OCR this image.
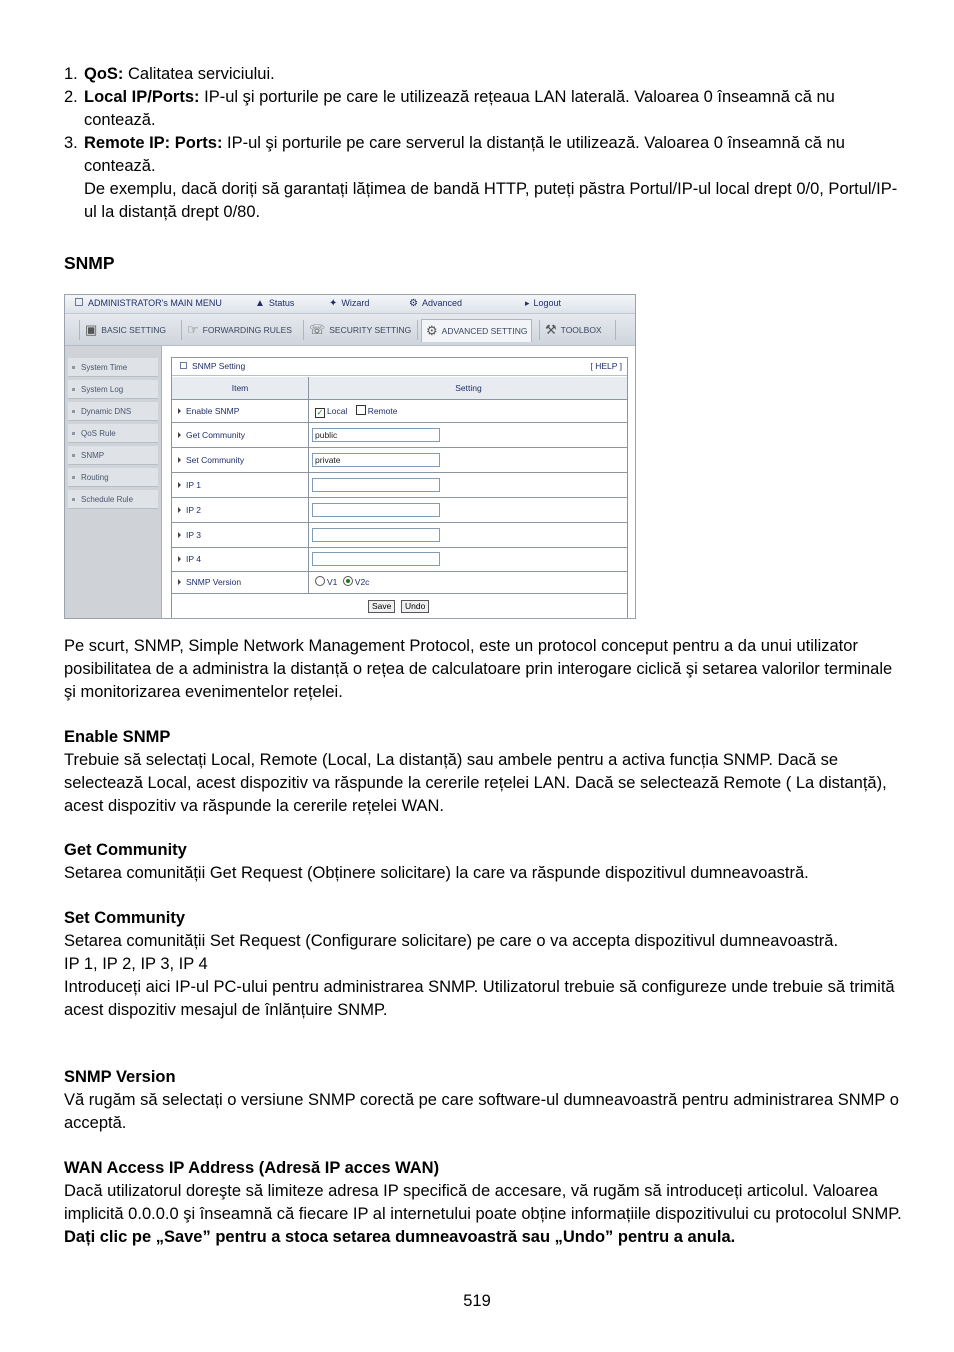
1. QoS: Calitatea serviciului.
2. Local IP/Ports: IP-ul şi porturile pe care le utilizează rețeaua LAN laterală. Valoarea 0 înseamnă că nu contează.
3. Remote IP: Ports: IP-ul şi porturile pe care serverul la distanță le utilizează. Valoarea 0 înseamnă că nu contează.
De exemplu, dacă doriți să garantați lățimea de bandă HTTP, puteți păstra Portul/IP-ul local drept 0/0, Portul/IP-ul la distanță drept 0/80.
SNMP
ADMINISTRATOR's MAIN MENU	▲ Status	✦ Wizard	⚙ Advanced	▸ Logout
▣ BASIC SETTING ☞ FORWARDING RULES ☏ SECURITY SETTING	⚙ ADVANCED SETTING	⚒ TOOLBOX
System Time
System Log
Dynamic DNS
QoS Rule
SNMP
Routing
Schedule Rule
SNMP Setting	[ HELP ]
Item	Setting
Enable SNMP	✓ Local Remote
Get Community	public
Set Community	private
IP 1
IP 2
IP 3
IP 4
SNMP Version	V1 V2c
Save	Undo
Pe scurt, SNMP, Simple Network Management Protocol, este un protocol conceput pentru a da unui utilizator posibilitatea de a administra la distanță o rețea de calculatoare prin interogare ciclică şi setarea valorilor terminale şi monitorizarea evenimentelor rețelei.
Enable SNMP
Trebuie să selectați Local, Remote (Local, La distanță) sau ambele pentru a activa funcția SNMP. Dacă se selectează Local, acest dispozitiv va răspunde la cererile rețelei LAN. Dacă se selectează Remote ( La distanță), acest dispozitiv va răspunde la cererile rețelei WAN.
Get Community
Setarea comunității Get Request (Obținere solicitare) la care va răspunde dispozitivul dumneavoastră.
Set Community
Setarea comunității Set Request (Configurare solicitare) pe care o va accepta dispozitivul dumneavoastră.
IP 1, IP 2, IP 3, IP 4
Introduceți aici IP-ul PC-ului pentru administrarea SNMP. Utilizatorul trebuie să configureze unde trebuie să trimită acest dispozitiv mesajul de înlănțuire SNMP.
SNMP Version
Vă rugăm să selectați o versiune SNMP corectă pe care software-ul dumneavoastră pentru administrarea SNMP o acceptă.
WAN Access IP Address (Adresă IP acces WAN)
Dacă utilizatorul doreşte să limiteze adresa IP specifică de accesare, vă rugăm să introduceți articolul. Valoarea implicită 0.0.0.0 şi înseamnă că fiecare IP al internetului poate obține informațiile dispozitivului cu protocolul SNMP.
Dați clic pe „Save” pentru a stoca setarea dumneavoastră sau „Undo” pentru a anula.
519
